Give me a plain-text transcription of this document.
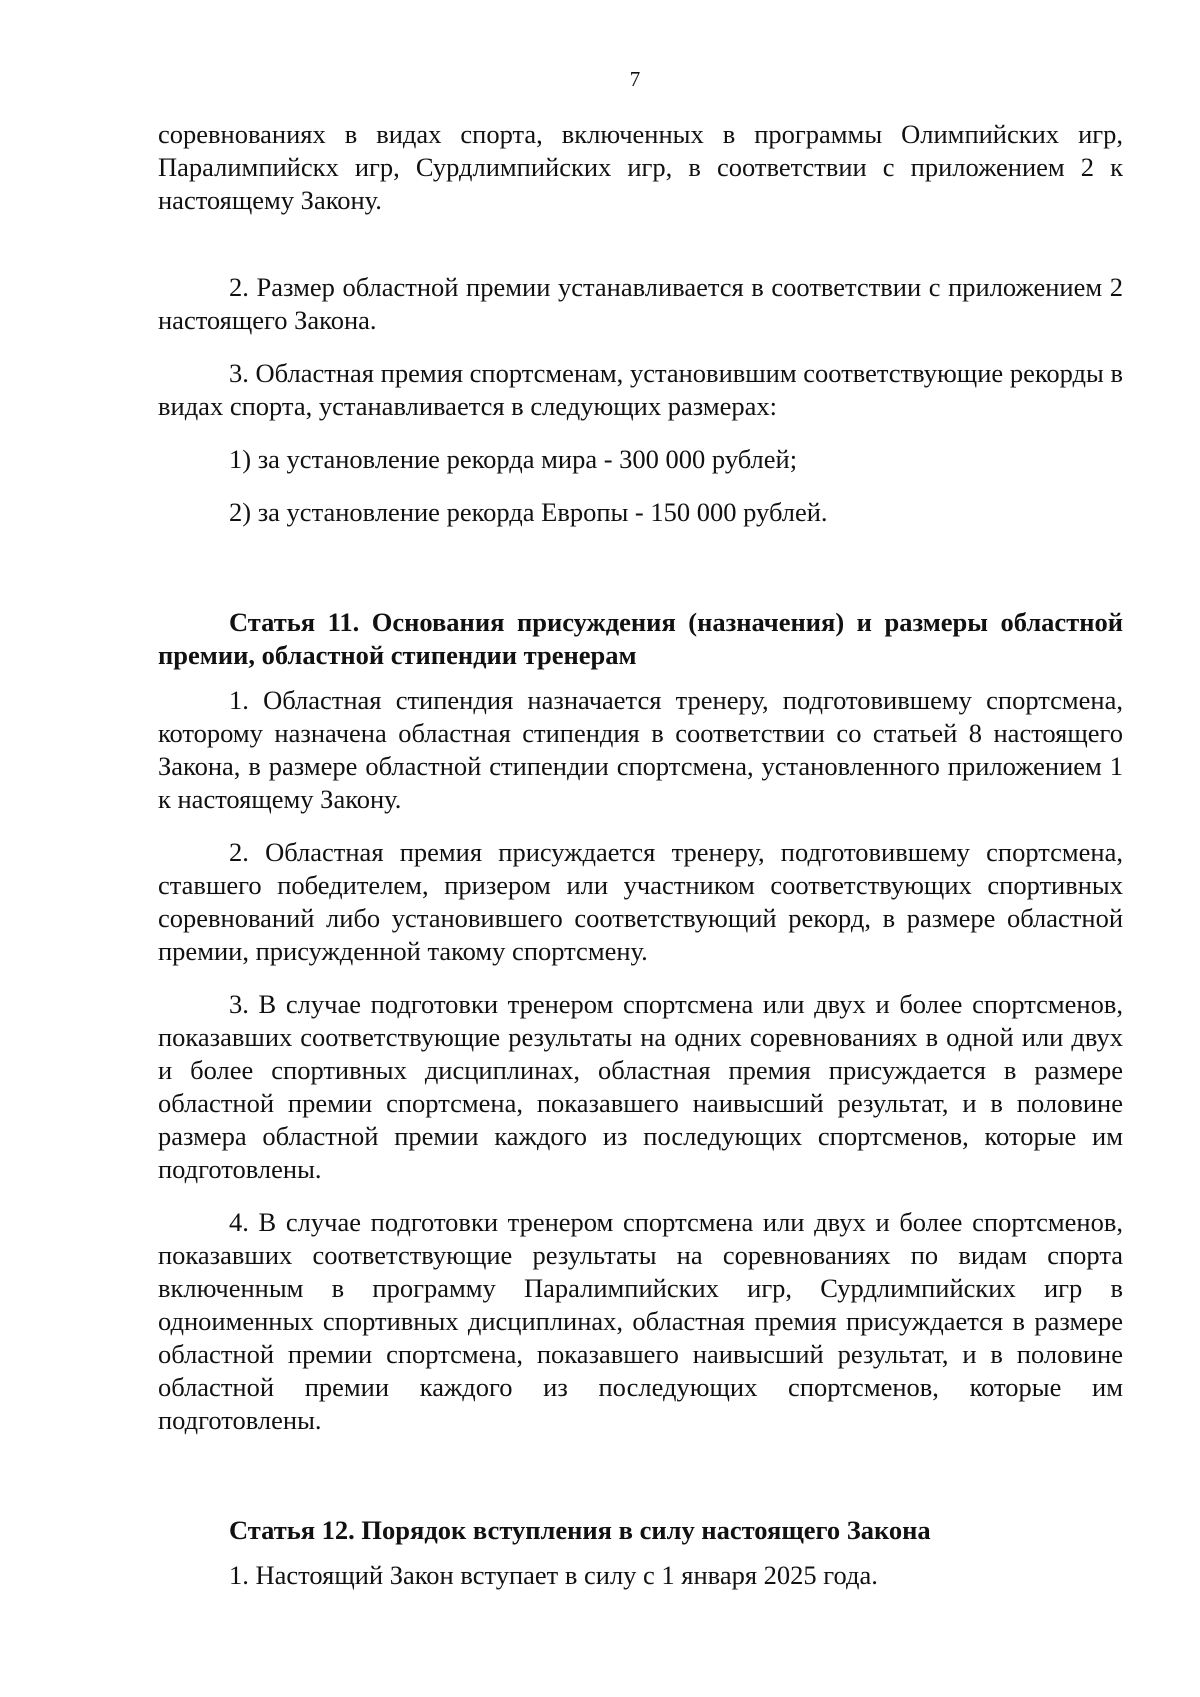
7

соревнованиях в видах спорта, включенных в программы Олимпийских игр, Паралимпийскх игр, Сурдлимпийских игр, в соответствии с приложением 2 к настоящему Закону.

2. Размер областной премии устанавливается в соответствии с приложением 2 настоящего Закона.

3. Областная премия спортсменам, установившим соответствующие рекорды в видах спорта, устанавливается в следующих размерах:

1) за установление рекорда мира - 300 000 рублей;

2) за установление рекорда Европы - 150 000 рублей.

Статья 11. Основания присуждения (назначения) и размеры областной премии, областной стипендии тренерам

1. Областная стипендия назначается тренеру, подготовившему спортсмена, которому назначена областная стипендия в соответствии со статьей 8 настоящего Закона, в размере областной стипендии спортсмена, установленного приложением 1 к настоящему Закону.

2. Областная премия присуждается тренеру, подготовившему спортсмена, ставшего победителем, призером или участником соответствующих спортивных соревнований либо установившего соответствующий рекорд, в размере областной премии, присужденной такому спортсмену.

3. В случае подготовки тренером спортсмена или двух и более спортсменов, показавших соответствующие результаты на одних соревнованиях в одной или двух и более спортивных дисциплинах, областная премия присуждается в размере областной премии спортсмена, показавшего наивысший результат, и в половине размера областной премии каждого из последующих спортсменов, которые им подготовлены.

4. В случае подготовки тренером спортсмена или двух и более спортсменов, показавших соответствующие результаты на соревнованиях по видам спорта включенным в программу Паралимпийских игр, Сурдлимпийских игр в одноименных спортивных дисциплинах, областная премия присуждается в размере областной премии спортсмена, показавшего наивысший результат, и в половине областной премии каждого из последующих спортсменов, которые им подготовлены.

Статья 12. Порядок вступления в силу настоящего Закона

1. Настоящий Закон вступает в силу с 1 января 2025 года.
